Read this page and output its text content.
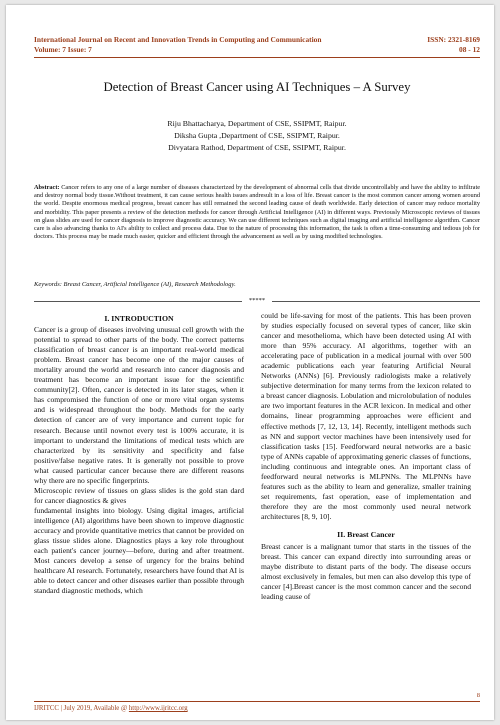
International Journal on Recent and Innovation Trends in Computing and Communication
Volume: 7 Issue: 7
ISSN: 2321-8169
08 - 12
Detection of Breast Cancer using AI Techniques – A Survey
Riju Bhattacharya, Department of CSE, SSIPMT, Raipur.
Diksha Gupta ,Department of CSE, SSIPMT, Raipur.
Divyatara Rathod, Department of CSE, SSIPMT, Raipur.
Abstract: Cancer refers to any one of a large number of diseases characterized by the development of abnormal cells that divide uncontrollably and have the ability to infiltrate and destroy normal body tissue.Without treatment, it can cause serious health issues andresult in a loss of life. Breast cancer is the most common cancer among women around the world. Despite enormous medical progress, breast cancer has still remained the second leading cause of death worldwide. Early detection of cancer may reduce mortality and morbidity. This paper presents a review of the detection methods for cancer through Artificial Intelligence (AI) in different ways. Previously Microscopic reviews of tissues on glass slides are used for cancer diagnosis to improve diagnostic accuracy. We can use different techniques such as digital imaging and artificial intelligence algorithm. Cancer care is also advancing thanks to AI's ability to collect and process data. Due to the nature of processing this information, the task is often a time-consuming and tedious job for doctors. This process may be made much easier, quicker and efficient through the advancement as well as by using modified technologies.
Keywords: Breast Cancer, Artificial Intelligence (AI), Research Methodology.
*****
I. INTRODUCTION

Cancer is a group of diseases involving unusual cell growth with the potential to spread to other parts of the body. The correct patterns classification of breast cancer is an important real-world medical problem. Breast cancer has become one of the major causes of mortality around the world and research into cancer diagnosis and treatment has become an important issue for the scientific community[2]. Often, cancer is detected in its later stages, when it has compromised the function of one or more vital organ systems and is widespread throughout the body. Methods for the early detection of cancer are of very importance and current topic for research. Because until nownot every test is 100% accurate, it is important to understand the limitations of medical tests which are characterized by its sensitivity and specificity and false positive/false negative rates. It is generally not possible to prove what caused particular cancer because there are different reasons why there are no specific fingerprints.

Microscopic review of tissues on glass slides is the gold stan dard for cancer diagnostics & gives

fundamental insights into biology. Using digital images, artificial intelligence (AI) algorithms have been shown to improve diagnostic accuracy and provide quantitative metrics that cannot be provided on glass tissue slides alone. Diagnostics plays a key role throughout each patient's cancer journey—before, during and after treatment. Most cancers develop a sense of urgency for the brains behind healthcare AI research. Fortunately, researchers have found that AI is able to detect cancer and other diseases earlier than possible through standard diagnostic methods, which

could be life-saving for most of the patients. This has been proven by studies especially focused on several types of cancer, like skin cancer and mesothelioma, which have been detected using AI with more than 95% accuracy. AI algorithms, together with an accelerating pace of publication in a medical journal with over 500 academic publications each year featuring Artificial Neural Networks (ANNs) [6]. Previously radiologists make a relatively subjective determination for many terms from the lexicon related to a breast cancer diagnosis. Lobulation and microlobulation of nodules are two important features in the ACR lexicon. In medical and other domains, linear programming approaches were efficient and effective methods [7, 12, 13, 14]. Recently, intelligent methods such as NN and support vector machines have been intensively used for classification tasks [15]. Feedforward neural networks are a basic type of ANNs capable of approximating generic classes of functions, including continuous and integrable ones. An important class of feedforward neural networks is MLPNNs. The MLPNNs have features such as the ability to learn and generalize, smaller training set requirements, fast operation, ease of implementation and therefore they are the most commonly used neural network architectures [8, 9, 10].

II. Breast Cancer

Breast cancer is a malignant tumor that starts in the tissues of the breast. This cancer can expand directly into surrounding areas or maybe distribute to distant parts of the body. The disease occurs almost exclusively in females, but men can also develop this type of cancer [4].Breast cancer is the most common cancer and the second leading cause of

8
IJRITCC | July 2019, Available @ http://www.ijritcc.org
